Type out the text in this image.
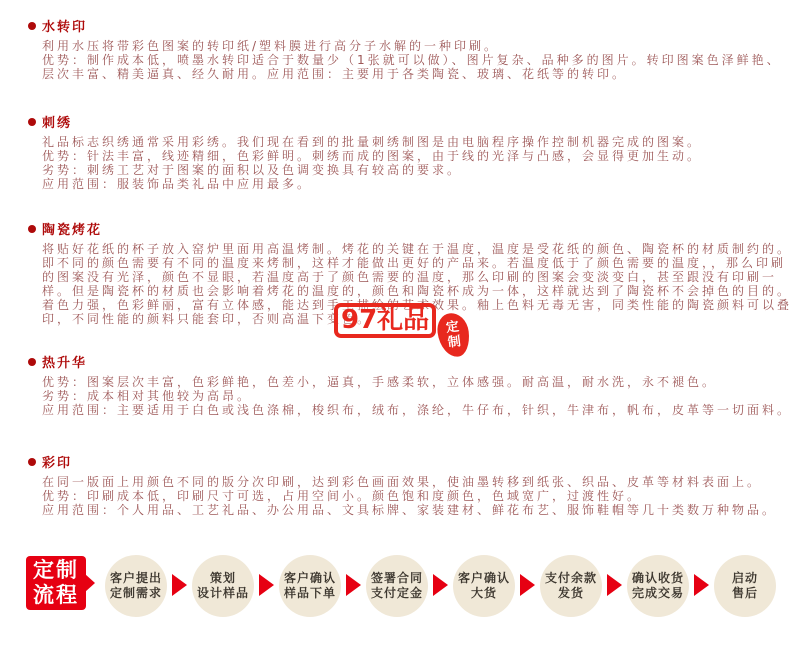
水转印
利用水压将带彩色图案的转印纸/塑料膜进行高分子水解的一种印刷。
优势：制作成本低，喷墨水转印适合于数量少（1张就可以做）、图片复杂、品种多的图片。转印图案色泽鲜艳、层次丰富、精美逼真、经久耐用。应用范围：主要用于各类陶瓷、玻璃、花纸等的转印。
刺绣
礼品标志织绣通常采用彩绣。我们现在看到的批量刺绣制图是由电脑程序操作控制机器完成的图案。
优势：针法丰富，线迹精细，色彩鲜明。刺绣而成的图案，由于线的光泽与凸感，会显得更加生动。
劣势：刺绣工艺对于图案的面积以及色调变换具有较高的要求。
应用范围：服装饰品类礼品中应用最多。
陶瓷烤花
将贴好花纸的杯子放入窑炉里面用高温烤制。烤花的关键在于温度，温度是受花纸的颜色、陶瓷杯的材质制约的。即不同的颜色需要有不同的温度来烤制，这样才能做出更好的产品来。若温度低于了颜色需要的温度，，那么印刷的图案没有光泽，颜色不显眼，若温度高于了颜色需要的温度，那么印刷的图案会变淡变白，甚至跟没有印刷一样。但是陶瓷杯的材质也会影响着烤花的温度的，颜色和陶瓷杯成为一体，这样就达到了陶瓷杯不会掉色的目的。着色力强，色彩鲜丽，富有立体感，能达到手工描绘的艺术效果。釉上色料无毒无害，同类性能的陶瓷颜料可以叠印，不同性能的颜料只能套印，否则高温下变色。
热升华
优势：图案层次丰富，色彩鲜艳，色差小，逼真，手感柔软，立体感强。耐高温，耐水洗，永不褪色。
劣势：成本相对其他较为高昂。
应用范围：主要适用于白色或浅色涤棉，梭织布，绒布，涤纶，牛仔布，针织，牛津布，帆布，皮革等一切面料。
彩印
在同一版面上用颜色不同的版分次印刷，达到彩色画面效果，使油墨转移到纸张、织品、皮革等材料表面上。
优势：印刷成本低，印刷尺寸可选，占用空间小。颜色饱和度颜色，色域宽广，过渡性好。
应用范围：个人用品、工艺礼品、办公用品、文具标牌、家装建材、鲜花布艺、服饰鞋帽等几十类数万种物品。
97礼品 定
制
定制
流程
客户提出
定制需求
策划
设计样品
客户确认
样品下单
签署合同
支付定金
客户确认
大货
支付余款
发货
确认收货
完成交易
启动
售后
